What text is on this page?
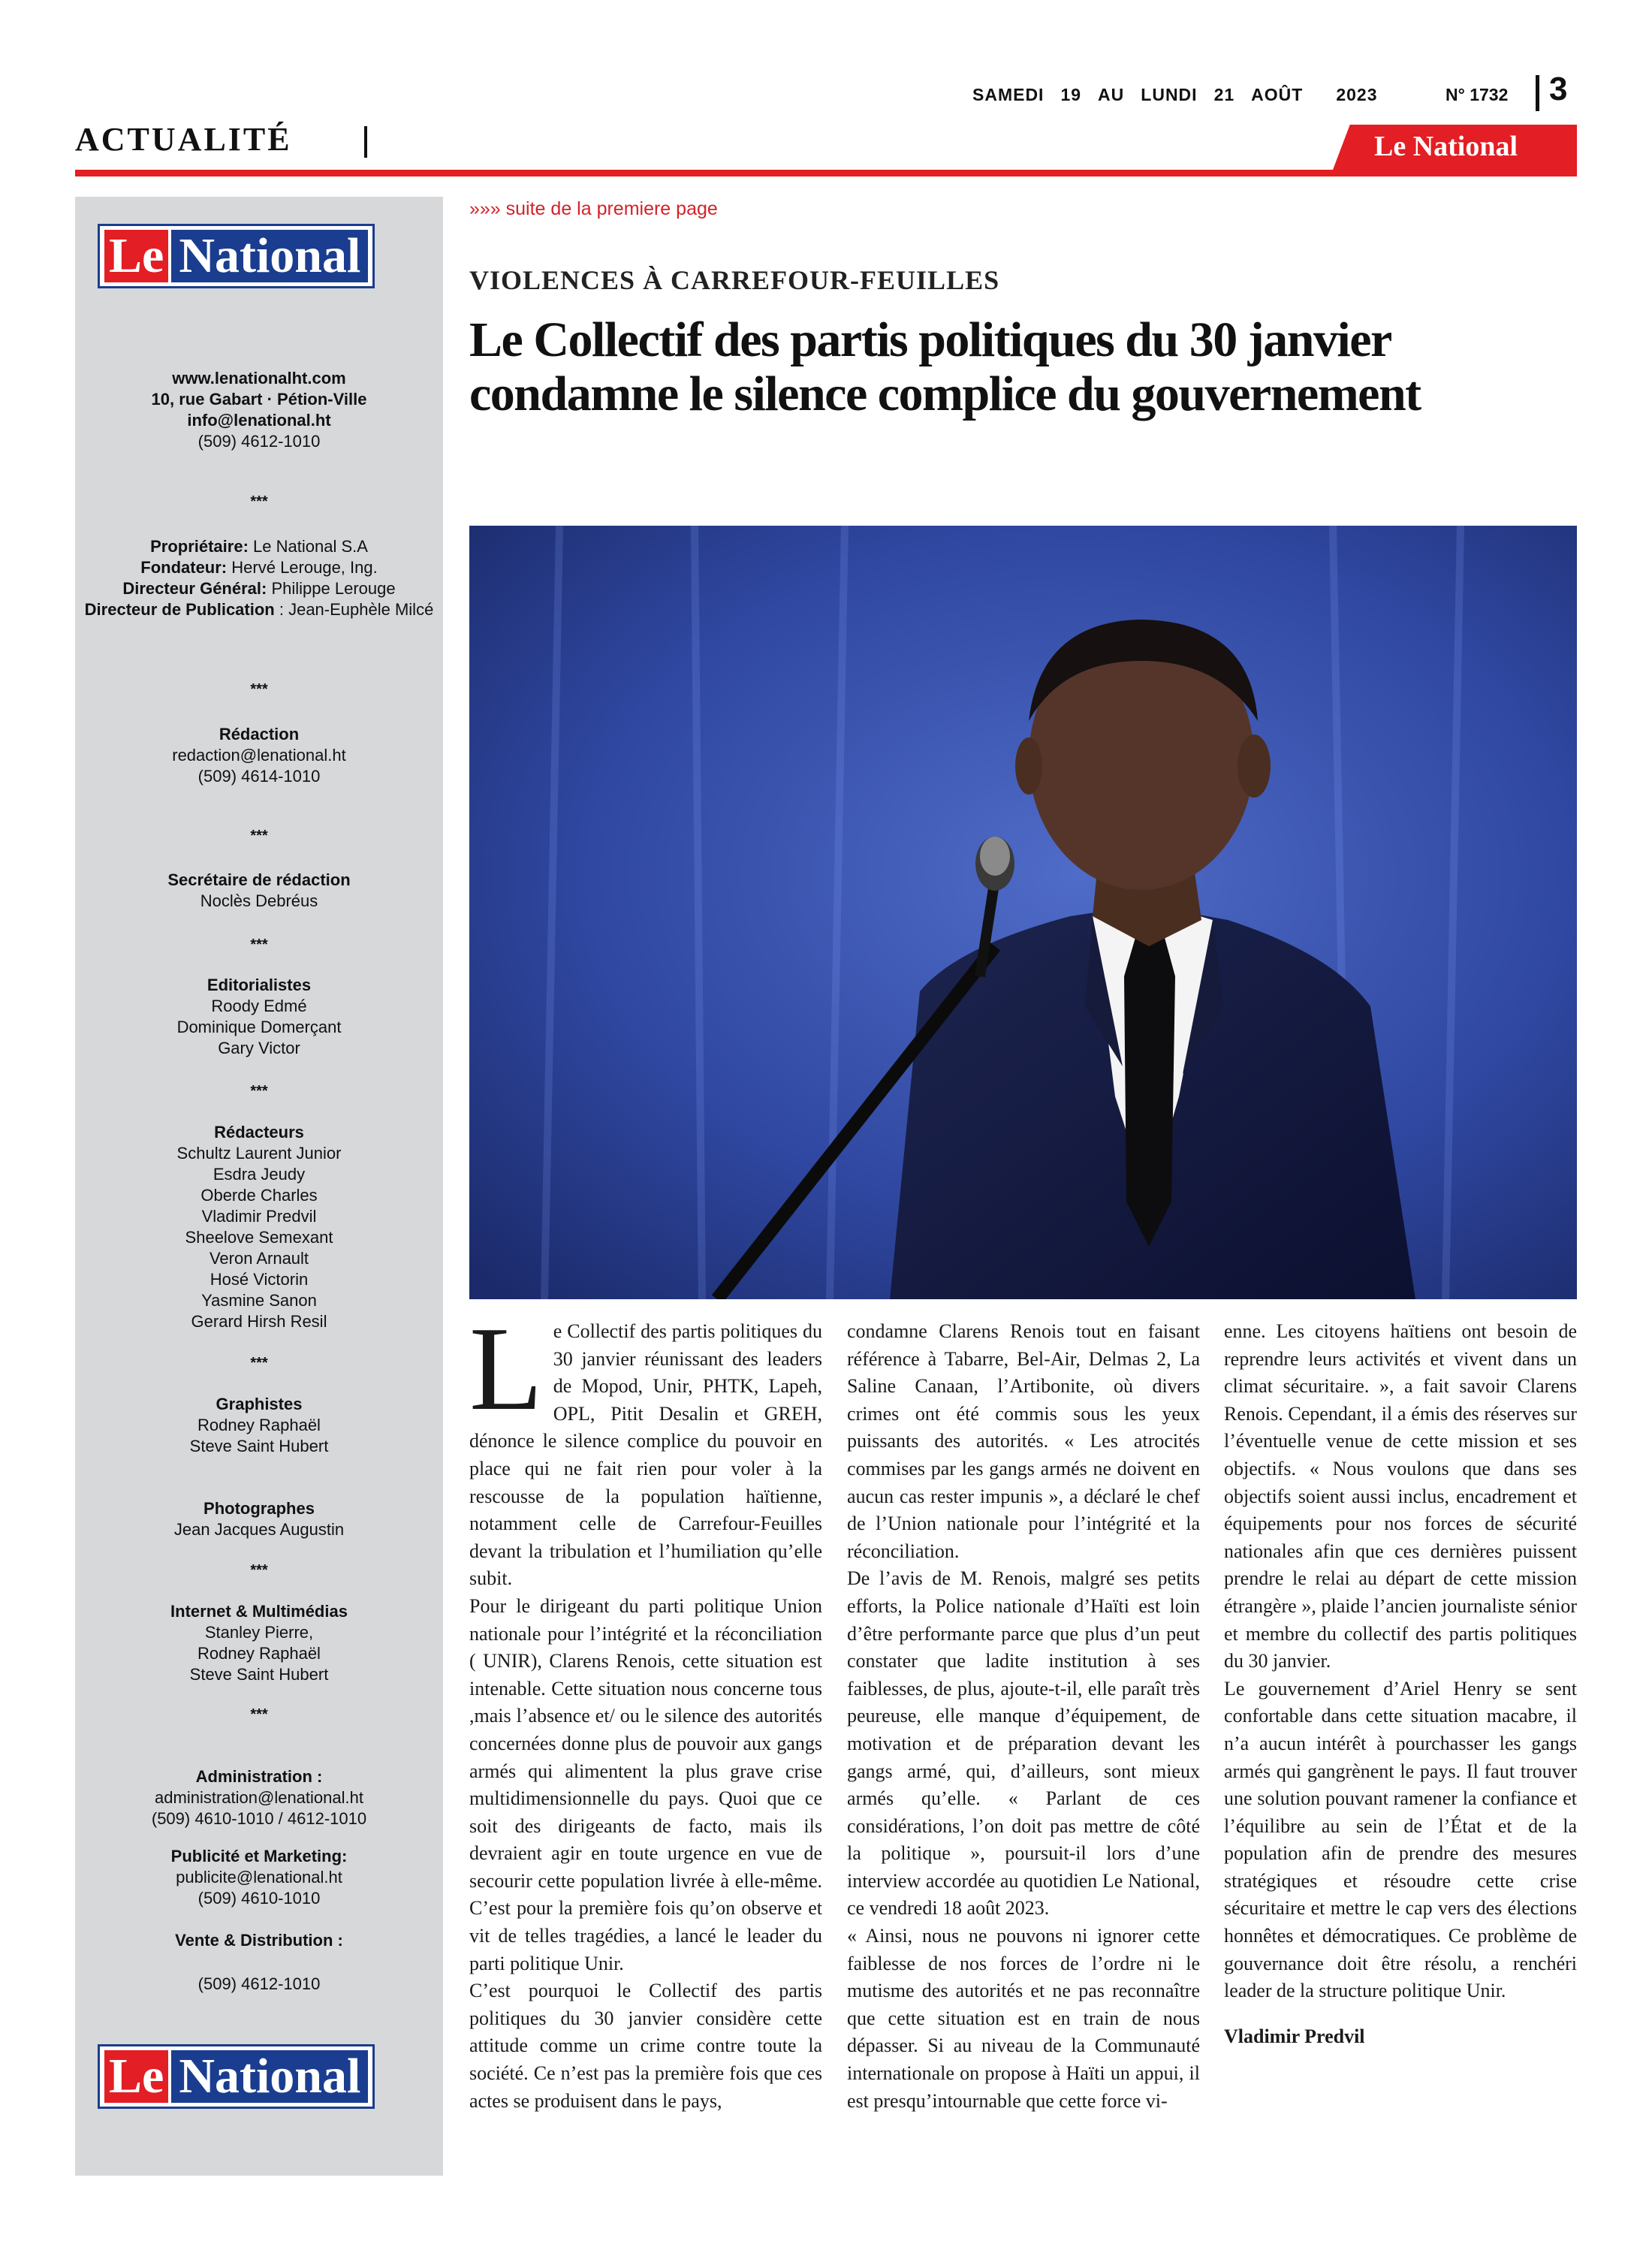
SAMEDI 19 AU LUNDI 21 AOÛT 2023	N° 1732 3
ACTUALITÉ	Le National
Le National
www.lenationalht.com
10, rue Gabart · Pétion-Ville
info@lenational.ht
(509) 4612-1010
***
Propriétaire: Le National S.A
Fondateur: Hervé Lerouge, Ing.
Directeur Général: Philippe Lerouge
Directeur de Publication : Jean-Euphèle Milcé
***
Rédaction
redaction@lenational.ht
(509) 4614-1010
***
Secrétaire de rédaction
Noclès Debréus
***
Editorialistes
Roody Edmé
Dominique Domerçant
Gary Victor
***
Rédacteurs
Schultz Laurent Junior
Esdra Jeudy
Oberde Charles
Vladimir Predvil
Sheelove Semexant
Veron Arnault
Hosé Victorin
Yasmine Sanon
Gerard Hirsh Resil
***
Graphistes
Rodney Raphaël
Steve Saint Hubert
Photographes
Jean Jacques Augustin
***
Internet & Multimédias
Stanley Pierre,
Rodney Raphaël
Steve Saint Hubert
***
Administration :
administration@lenational.ht
(509) 4610-1010 / 4612-1010
Publicité et Marketing:
publicite@lenational.ht
(509) 4610-1010
Vente & Distribution :
(509) 4612-1010
Le National
»»» suite de la premiere page
VIOLENCES À CARREFOUR-FEUILLES
Le Collectif des partis politiques du 30 janvier condamne le silence complice du gouvernement

Le Collectif des partis politiques du 30 janvier réunissant des leaders de Mopod, Unir, PHTK, Lapeh, OPL, Pitit Desalin et GREH, dénonce le silence complice du pouvoir en place qui ne fait rien pour voler à la rescousse de la population haïtienne, notamment celle de Carrefour-Feuilles devant la tribulation et l’humiliation qu’elle subit.

Pour le dirigeant du parti politique Union nationale pour l’intégrité et la réconciliation ( UNIR), Clarens Renois, cette situation est intenable. Cette situation nous concerne tous ,mais l’absence et/ ou le silence des autorités concernées donne plus de pouvoir aux gangs armés qui alimentent la plus grave crise multidimensionnelle du pays. Quoi que ce soit des dirigeants de facto, mais ils devraient agir en toute urgence en vue de secourir cette population livrée à elle-même. C’est pour la première fois qu’on observe et vit de telles tragédies, a lancé le leader du parti politique Unir.

C’est pourquoi le Collectif des partis politiques du 30 janvier considère cette attitude comme un crime contre toute la société. Ce n’est pas la première fois que ces actes se produisent dans le pays,

condamne Clarens Renois tout en faisant référence à Tabarre, Bel-Air, Delmas 2, La Saline Canaan, l’Artibonite, où divers crimes ont été commis sous les yeux puissants des autorités. « Les atrocités commises par les gangs armés ne doivent en aucun cas rester impunis », a déclaré le chef de l’Union nationale pour l’intégrité et la réconciliation.

De l’avis de M. Renois, malgré ses petits efforts, la Police nationale d’Haïti est loin d’être performante parce que plus d’un peut constater que ladite institution à ses faiblesses, de plus, ajoute-t-il, elle paraît très peureuse, elle manque d’équipement, de motivation et de préparation devant les gangs armé, qui, d’ailleurs, sont mieux armés qu’elle. « Parlant de ces considérations, l’on doit pas mettre de côté la politique », poursuit-il lors d’une interview accordée au quotidien Le National, ce vendredi 18 août 2023.

« Ainsi, nous ne pouvons ni ignorer cette faiblesse de nos forces de l’ordre ni le mutisme des autorités et ne pas reconnaître que cette situation est en train de nous dépasser. Si au niveau de la Communauté internationale on propose à Haïti un appui, il est presqu’intournable que cette force vi-

enne. Les citoyens haïtiens ont besoin de reprendre leurs activités et vivent dans un climat sécuritaire. », a fait savoir Clarens Renois. Cependant, il a émis des réserves sur l’éventuelle venue de cette mission et ses objectifs. « Nous voulons que dans ses objectifs soient aussi inclus, encadrement et équipements pour nos forces de sécurité nationales afin que ces dernières puissent prendre le relai au départ de cette mission étrangère », plaide l’ancien journaliste sénior et membre du collectif des partis politiques du 30 janvier.

Le gouvernement d’Ariel Henry se sent confortable dans cette situation macabre, il n’a aucun intérêt à pourchasser les gangs armés qui gangrènent le pays. Il faut trouver une solution pouvant ramener la confiance et l’équilibre au sein de l’État et de la population afin de prendre des mesures stratégiques et résoudre cette crise sécuritaire et mettre le cap vers des élections honnêtes et démocratiques. Ce problème de gouvernance doit être résolu, a renchéri leader de la structure politique Unir.

Vladimir Predvil
